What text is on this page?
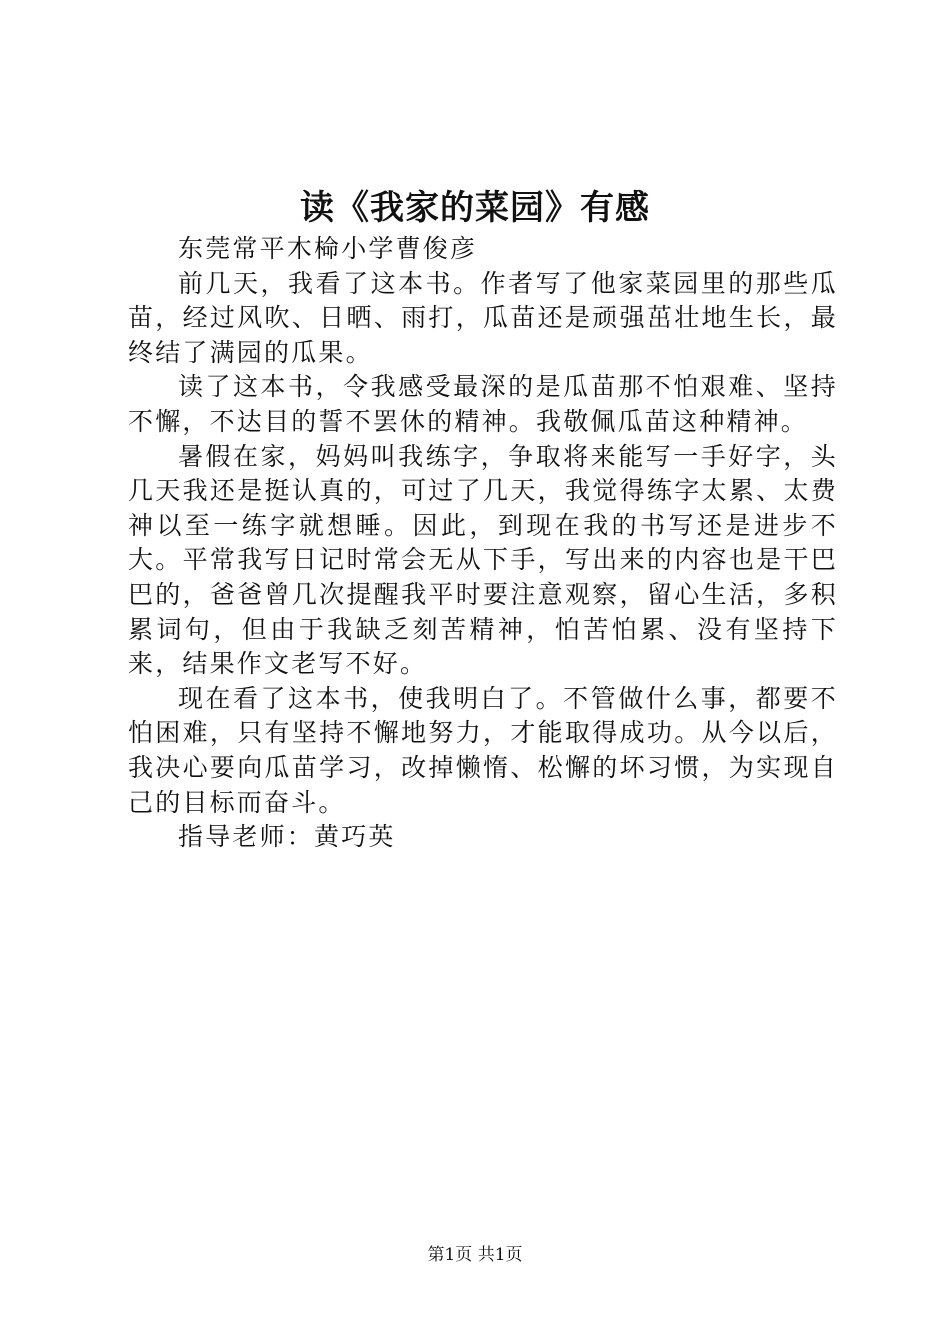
读《我家的菜园》有感

东莞常平木椧小学曹俊彦

前几天，我看了这本书。作者写了他家菜园里的那些瓜苗，经过风吹、日晒、雨打，瓜苗还是顽强茁壮地生长，最终结了满园的瓜果。

读了这本书，令我感受最深的是瓜苗那不怕艰难、坚持不懈，不达目的誓不罢休的精神。我敬佩瓜苗这种精神。

暑假在家，妈妈叫我练字，争取将来能写一手好字，头几天我还是挺认真的，可过了几天，我觉得练字太累、太费神以至一练字就想睡。因此，到现在我的书写还是进步不大。平常我写日记时常会无从下手，写出来的内容也是干巴巴的，爸爸曾几次提醒我平时要注意观察，留心生活，多积累词句，但由于我缺乏刻苦精神，怕苦怕累、没有坚持下来，结果作文老写不好。

现在看了这本书，使我明白了。不管做什么事，都要不怕困难，只有坚持不懈地努力，才能取得成功。从今以后，我决心要向瓜苗学习，改掉懒惰、松懈的坏习惯，为实现自己的目标而奋斗。

指导老师：黄巧英

第1页 共1页
